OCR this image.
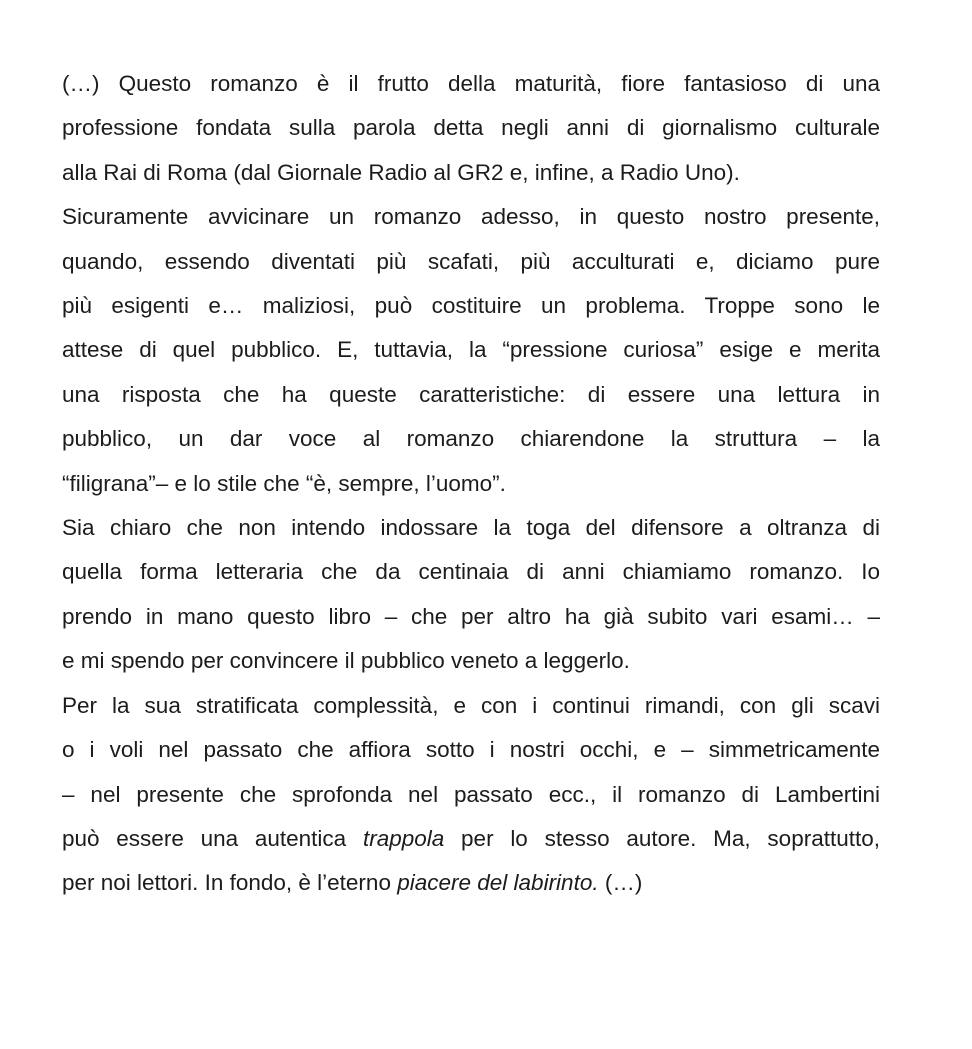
(…) Questo romanzo è il frutto della maturità, fiore fantasioso di una
professione fondata sulla parola detta negli anni di giornalismo culturale
alla Rai di Roma (dal Giornale Radio al GR2 e, infine, a Radio Uno).

Sicuramente avvicinare un romanzo adesso, in questo nostro presente,
quando, essendo diventati più scafati, più acculturati e, diciamo pure
più esigenti e… maliziosi, può costituire un problema. Troppe sono le
attese di quel pubblico. E, tuttavia, la “pressione curiosa” esige e merita
una risposta che ha queste caratteristiche: di essere una lettura in
pubblico, un dar voce al romanzo chiarendone la struttura – la
“filigrana”– e lo stile che “è, sempre, l’uomo”.

Sia chiaro che non intendo indossare la toga del difensore a oltranza di
quella forma letteraria che da centinaia di anni chiamiamo romanzo. Io
prendo in mano questo libro – che per altro ha già subito vari esami… –
e mi spendo per convincere il pubblico veneto a leggerlo.

Per la sua stratificata complessità, e con i continui rimandi, con gli scavi
o i voli nel passato che affiora sotto i nostri occhi, e – simmetricamente
– nel presente che sprofonda nel passato ecc., il romanzo di Lambertini
può essere una autentica trappola per lo stesso autore. Ma, soprattutto,
per noi lettori. In fondo, è l’eterno piacere del labirinto. (…)
